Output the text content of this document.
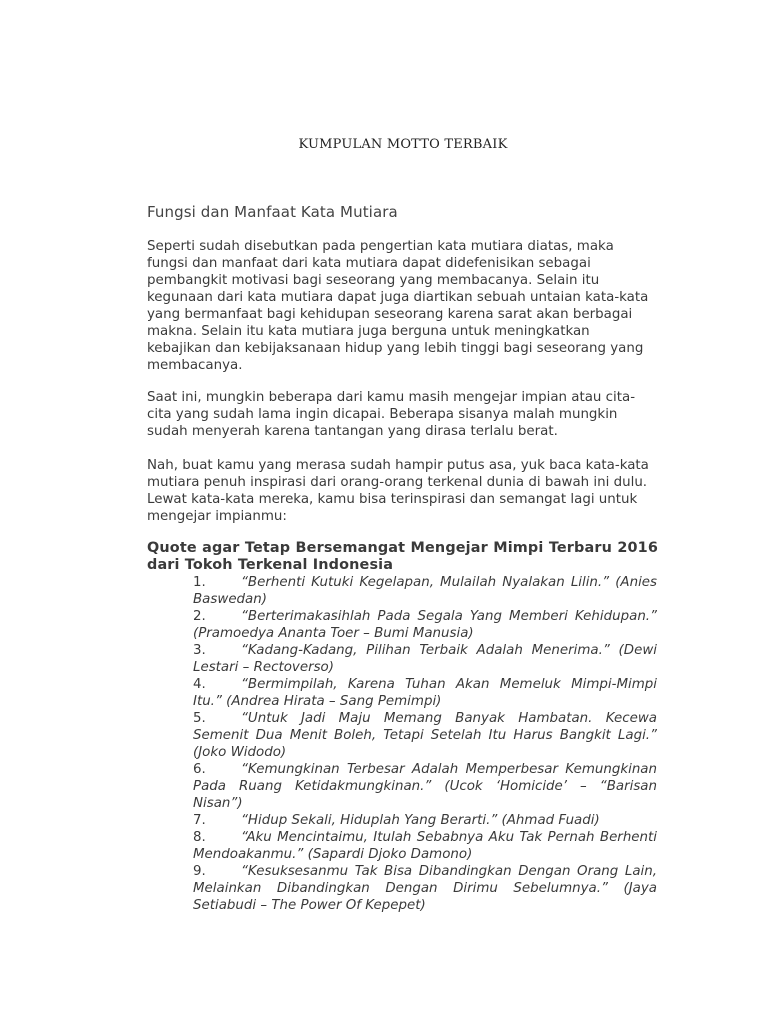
KUMPULAN MOTTO TERBAIK
Fungsi dan Manfaat Kata Mutiara

Seperti sudah disebutkan pada pengertian kata mutiara diatas, maka fungsi dan manfaat dari kata mutiara dapat didefenisikan sebagai pembangkit motivasi bagi seseorang yang membacanya. Selain itu kegunaan dari kata mutiara dapat juga diartikan sebuah untaian kata-kata yang bermanfaat bagi kehidupan seseorang karena sarat akan berbagai makna. Selain itu kata mutiara juga berguna untuk meningkatkan kebajikan dan kebijaksanaan hidup yang lebih tinggi bagi seseorang yang membacanya.

Saat ini, mungkin beberapa dari kamu masih mengejar impian atau cita-cita yang sudah lama ingin dicapai. Beberapa sisanya malah mungkin sudah menyerah karena tantangan yang dirasa terlalu berat.

Nah, buat kamu yang merasa sudah hampir putus asa, yuk baca kata-kata mutiara penuh inspirasi dari orang-orang terkenal dunia di bawah ini dulu. Lewat kata-kata mereka, kamu bisa terinspirasi dan semangat lagi untuk mengejar impianmu:

Quote agar Tetap Bersemangat Mengejar Mimpi Terbaru 2016 dari Tokoh Terkenal Indonesia

1.	“Berhenti Kutuki Kegelapan, Mulailah Nyalakan Lilin.” (Anies Baswedan)
2.	“Berterimakasihlah Pada Segala Yang Memberi Kehidupan.” (Pramoedya Ananta Toer – Bumi Manusia)
3.	“Kadang-Kadang, Pilihan Terbaik Adalah Menerima.” (Dewi Lestari – Rectoverso)
4.	“Bermimpilah, Karena Tuhan Akan Memeluk Mimpi-Mimpi Itu.” (Andrea Hirata – Sang Pemimpi)
5.	“Untuk Jadi Maju Memang Banyak Hambatan. Kecewa Semenit Dua Menit Boleh, Tetapi Setelah Itu Harus Bangkit Lagi.” (Joko Widodo)
6.	“Kemungkinan Terbesar Adalah Memperbesar Kemungkinan Pada Ruang Ketidakmungkinan.” (Ucok ‘Homicide’ – “Barisan Nisan”)
7.	“Hidup Sekali, Hiduplah Yang Berarti.” (Ahmad Fuadi)
8.	“Aku Mencintaimu, Itulah Sebabnya Aku Tak Pernah Berhenti Mendoakanmu.” (Sapardi Djoko Damono)
9.	“Kesuksesanmu Tak Bisa Dibandingkan Dengan Orang Lain, Melainkan Dibandingkan Dengan Dirimu Sebelumnya.” (Jaya Setiabudi – The Power Of Kepepet)
